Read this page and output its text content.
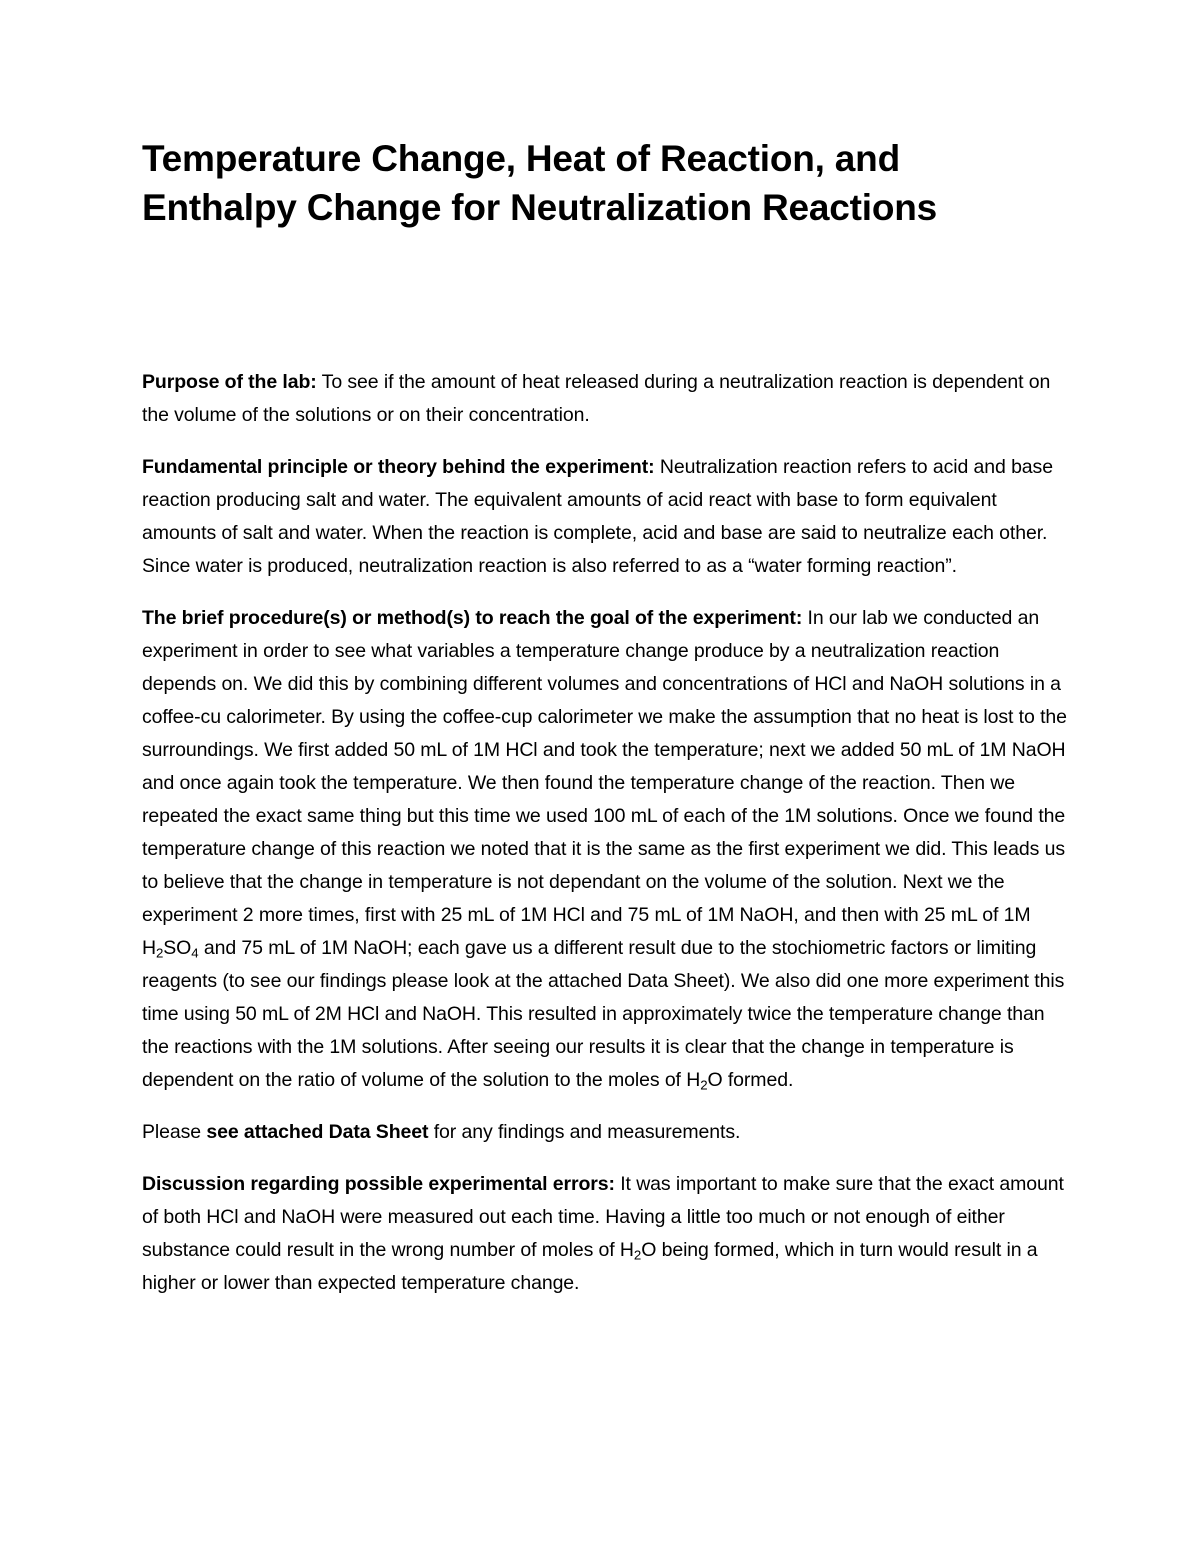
Temperature Change, Heat of Reaction, and
Enthalpy Change for Neutralization Reactions

Purpose of the lab: To see if the amount of heat released during a neutralization reaction is dependent on the volume of the solutions or on their concentration.

Fundamental principle or theory behind the experiment: Neutralization reaction refers to acid and base reaction producing salt and water. The equivalent amounts of acid react with base to form equivalent amounts of salt and water. When the reaction is complete, acid and base are said to neutralize each other. Since water is produced, neutralization reaction is also referred to as a “water forming reaction”.

The brief procedure(s) or method(s) to reach the goal of the experiment: In our lab we conducted an experiment in order to see what variables a temperature change produce by a neutralization reaction depends on. We did this by combining different volumes and concentrations of HCl and NaOH solutions in a coffee-cu calorimeter. By using the coffee-cup calorimeter we make the assumption that no heat is lost to the surroundings. We first added 50 mL of 1M HCl and took the temperature; next we added 50 mL of 1M NaOH and once again took the temperature. We then found the temperature change of the reaction. Then we repeated the exact same thing but this time we used 100 mL of each of the 1M solutions. Once we found the temperature change of this reaction we noted that it is the same as the first experiment we did. This leads us to believe that the change in temperature is not dependant on the volume of the solution. Next we the experiment 2 more times, first with 25 mL of 1M HCl and 75 mL of 1M NaOH, and then with 25 mL of 1M $H_2SO_4$ and 75 mL of 1M NaOH; each gave us a different result due to the stochiometric factors or limiting reagents (to see our findings please look at the attached Data Sheet). We also did one more experiment this time using 50 mL of 2M HCl and NaOH. This resulted in approximately twice the temperature change than the reactions with the 1M solutions. After seeing our results it is clear that the change in temperature is dependent on the ratio of volume of the solution to the moles of $H_2O$ formed.

Please see attached Data Sheet for any findings and measurements.

Discussion regarding possible experimental errors: It was important to make sure that the exact amount of both HCl and NaOH were measured out each time. Having a little too much or not enough of either substance could result in the wrong number of moles of $H_2O$ being formed, which in turn would result in a higher or lower than expected temperature change.
